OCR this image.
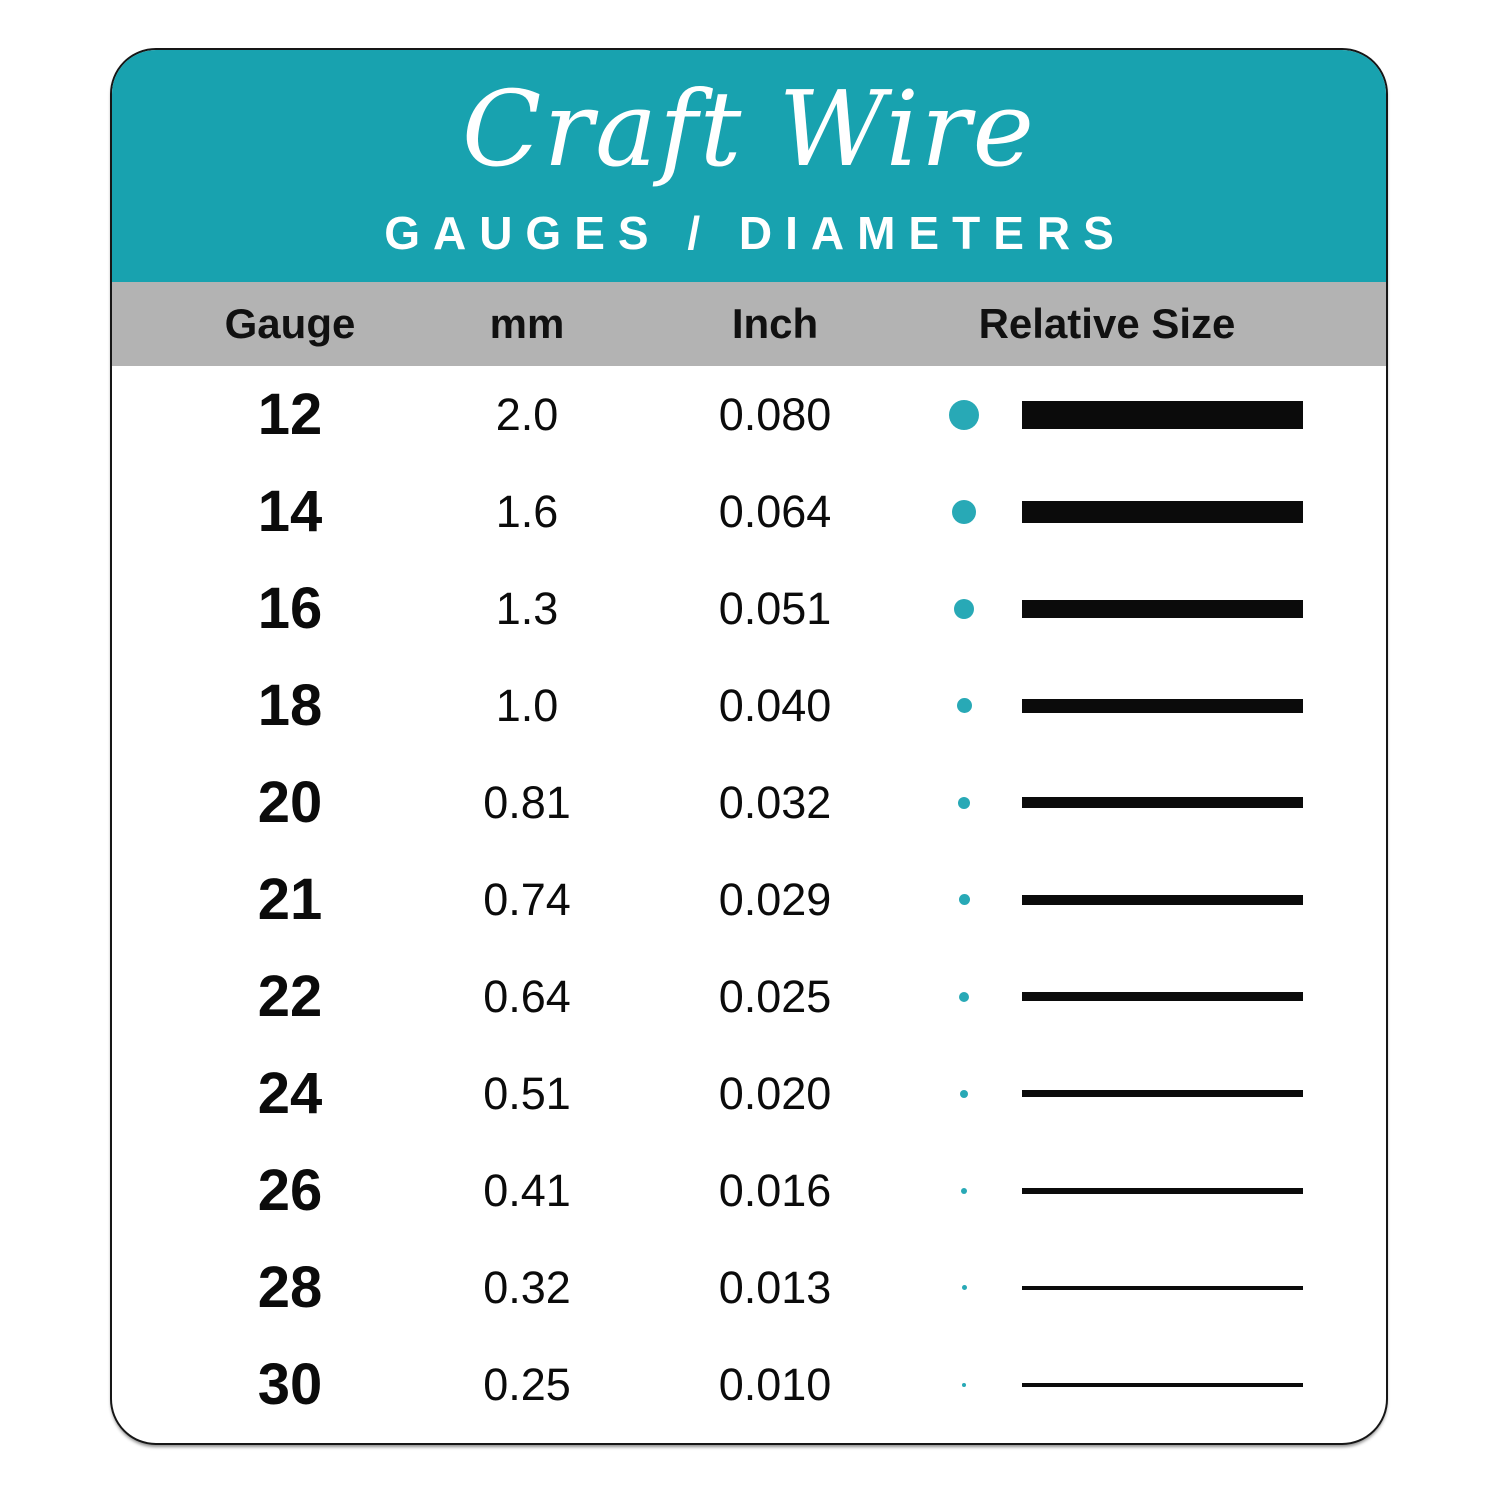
Craft Wire
GAUGES / DIAMETERS
Gauge	mm	Inch	Relative Size
12	2.0	0.080
14	1.6	0.064
16	1.3	0.051
18	1.0	0.040
20	0.81	0.032
21	0.74	0.029
22	0.64	0.025
24	0.51	0.020
26	0.41	0.016
28	0.32	0.013
30	0.25	0.010
